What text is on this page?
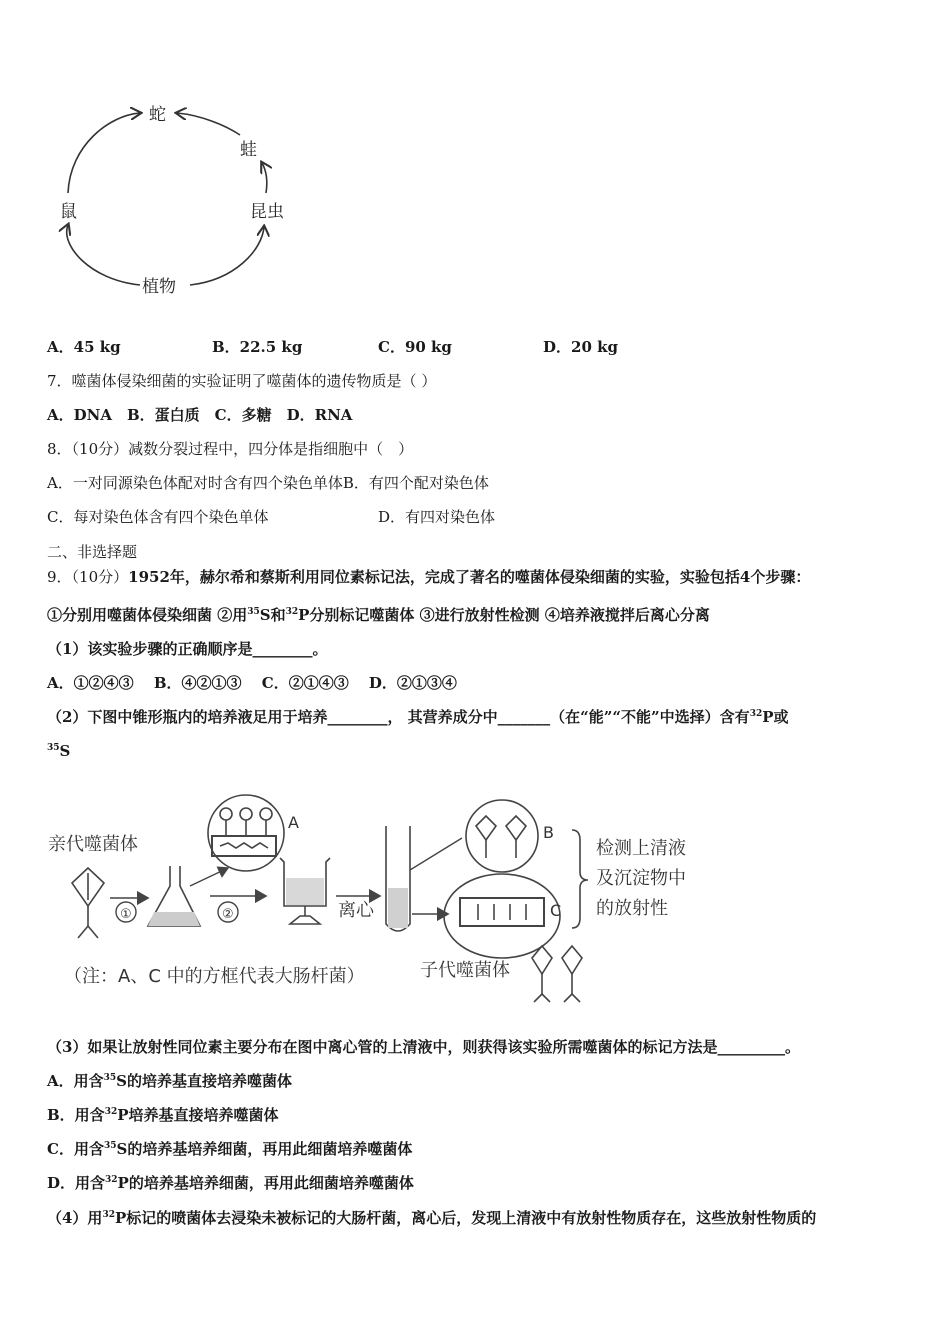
蛇
蛙
鼠	昆虫
植物
A．45 kg	B．22.5 kg	C．90 kg	D．20 kg
7．噬菌体侵染细菌的实验证明了噬菌体的遗传物质是（ ）
A．DNA　B．蛋白质　C．多糖　D．RNA
8．（10分）减数分裂过程中，四分体是指细胞中（　）
A．一对同源染色体配对时含有四个染色单体B．有四个配对染色体
C．每对染色体含有四个染色单体	D．有四对染色体
二、非选择题
9．（10分）1952年，赫尔希和蔡斯利用同位素标记法，完成了著名的噬菌体侵染细菌的实验，实验包括4个步骤：
①分别用噬菌体侵染细菌 ②用$^{35}$S和$^{32}$P分别标记噬菌体 ③进行放射性检测 ④培养液搅拌后离心分离
（1）该实验步骤的正确顺序是________。
A．①②④③　 B．④②①③　 C．②①④③　 D．②①③④
（2）下图中锥形瓶内的培养液足用于培养________， 其营养成分中_______（在“能”“不能”中选择）含有$^{32}$P或
$^{35}$S
亲代噬菌体
A
①	②	离心
B
C
检测上清液
及沉淀物中
的放射性
（注：A、C 中的方框代表大肠杆菌）	子代噬菌体
（3）如果让放射性同位素主要分布在图中离心管的上清液中，则获得该实验所需噬菌体的标记方法是_________。
A．用含$^{35}$S的培养基直接培养噬菌体
B．用含$^{32}$P培养基直接培养噬菌体
C．用含$^{35}$S的培养基培养细菌，再用此细菌培养噬菌体
D．用含$^{32}$P的培养基培养细菌，再用此细菌培养噬菌体
（4）用$^{32}$P标记的喷菌体去浸染未被标记的大肠杆菌，离心后，发现上清液中有放射性物质存在，这些放射性物质的
